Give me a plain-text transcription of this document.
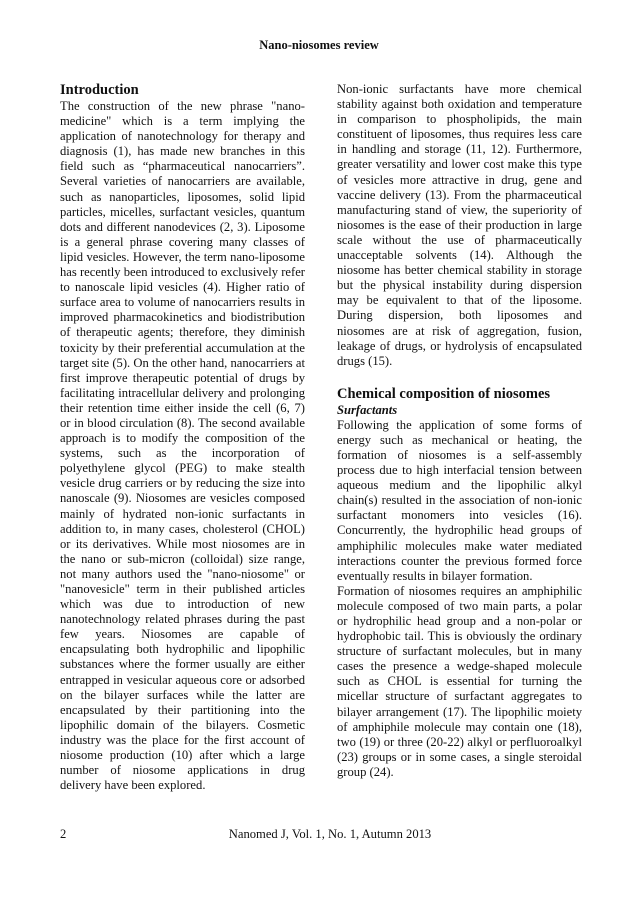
Nano-niosomes review
Introduction

The construction of the new phrase "nano-medicine" which is a term implying the application of nanotechnology for therapy and diagnosis (1), has made new branches in this field such as “pharmaceutical nanocarriers”. Several varieties of nanocarriers are available, such as nanoparticles, liposomes, solid lipid particles, micelles, surfactant vesicles, quantum dots and different nanodevices (2, 3). Liposome is a general phrase covering many classes of lipid vesicles. However, the term nano-liposome has recently been introduced to exclusively refer to nanoscale lipid vesicles (4). Higher ratio of surface area to volume of nanocarriers results in improved pharmacokinetics and biodistribution of therapeutic agents; therefore, they diminish toxicity by their preferential accumulation at the target site (5). On the other hand, nanocarriers at first improve therapeutic potential of drugs by facilitating intracellular delivery and prolonging their retention time either inside the cell (6, 7) or in blood circulation (8). The second available approach is to modify the composition of the systems, such as the incorporation of polyethylene glycol (PEG) to make stealth vesicle drug carriers or by reducing the size into nanoscale (9). Niosomes are vesicles composed mainly of hydrated non-ionic surfactants in addition to, in many cases, cholesterol (CHOL) or its derivatives. While most niosomes are in the nano or sub-micron (colloidal) size range, not many authors used the "nano-niosome" or "nanovesicle" term in their published articles which was due to introduction of new nanotechnology related phrases during the past few years. Niosomes are capable of encapsulating both hydrophilic and lipophilic substances where the former usually are either entrapped in vesicular aqueous core or adsorbed on the bilayer surfaces while the latter are encapsulated by their partitioning into the lipophilic domain of the bilayers. Cosmetic industry was the place for the first account of niosome production (10) after which a large number of niosome applications in drug delivery have been explored.

Non-ionic surfactants have more chemical stability against both oxidation and temperature in comparison to phospholipids, the main constituent of liposomes, thus requires less care in handling and storage (11, 12). Furthermore, greater versatility and lower cost make this type of vesicles more attractive in drug, gene and vaccine delivery (13). From the pharmaceutical manufacturing stand of view, the superiority of niosomes is the ease of their production in large scale without the use of pharmaceutically unacceptable solvents (14). Although the niosome has better chemical stability in storage but the physical instability during dispersion may be equivalent to that of the liposome. During dispersion, both liposomes and niosomes are at risk of aggregation, fusion, leakage of drugs, or hydrolysis of encapsulated drugs (15).

Chemical composition of niosomes
Surfactants

Following the application of some forms of energy such as mechanical or heating, the formation of niosomes is a self-assembly process due to high interfacial tension between aqueous medium and the lipophilic alkyl chain(s) resulted in the association of non-ionic surfactant monomers into vesicles (16). Concurrently, the hydrophilic head groups of amphiphilic molecules make water mediated interactions counter the previous formed force eventually results in bilayer formation.

Formation of niosomes requires an amphiphilic molecule composed of two main parts, a polar or hydrophilic head group and a non-polar or hydrophobic tail. This is obviously the ordinary structure of surfactant molecules, but in many cases the presence a wedge-shaped molecule such as CHOL is essential for turning the micellar structure of surfactant aggregates to bilayer arrangement (17). The lipophilic moiety of amphiphile molecule may contain one (18), two (19) or three (20-22) alkyl or perfluoroalkyl (23) groups or in some cases, a single steroidal group (24).

2	Nanomed J, Vol. 1, No. 1, Autumn 2013
